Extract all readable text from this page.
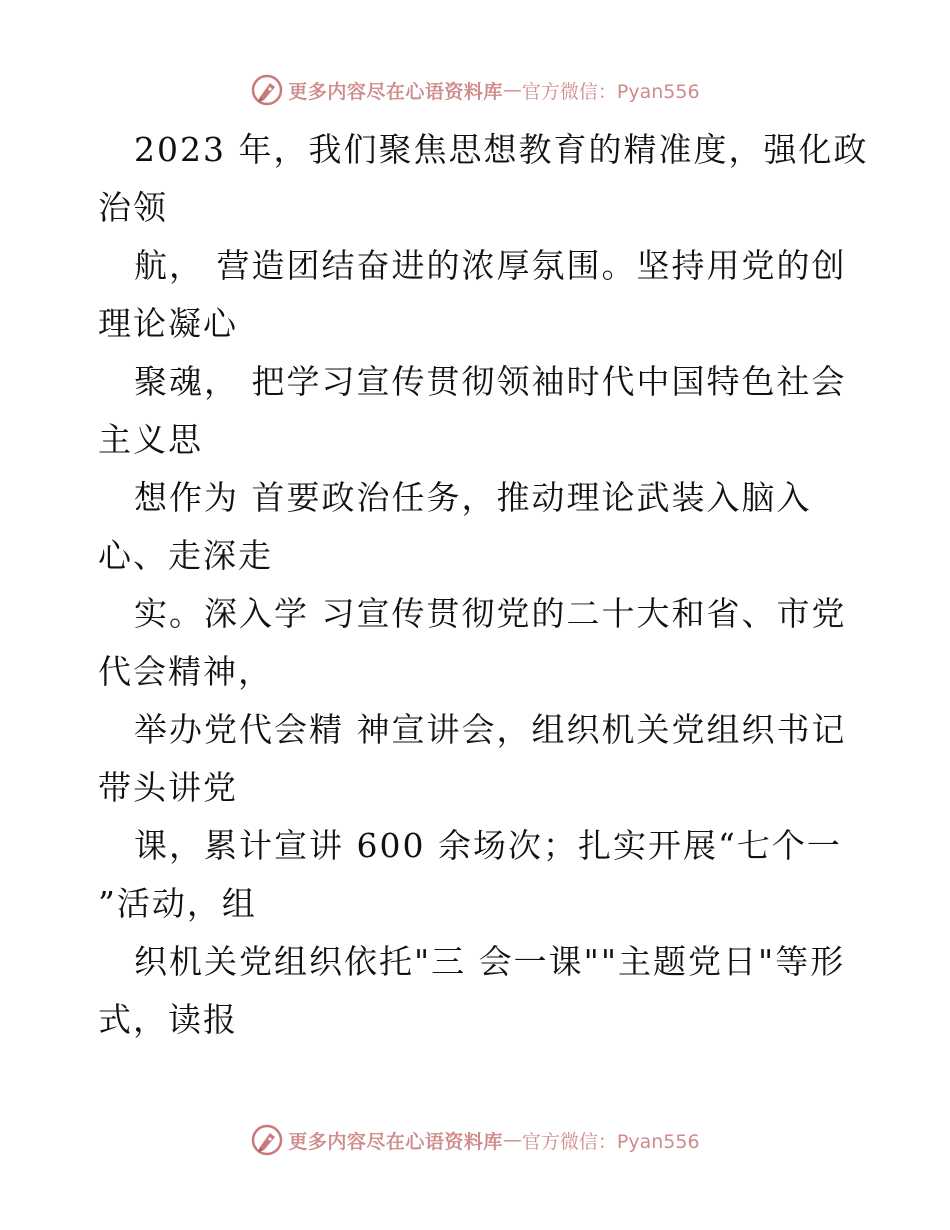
更多内容尽在心语资料库 — 官方微信：Pyan556
2023 年，我们聚焦思想教育的精准度，强化政
治领
航， 营造团结奋进的浓厚氛围。坚持用党的创
理论凝心
聚魂， 把学习宣传贯彻领袖时代中国特色社会
主义思
想作为 首要政治任务，推动理论武装入脑入
心、走深走
实。深入学 习宣传贯彻党的二十大和省、市党
代会精神，
举办党代会精 神宣讲会，组织机关党组织书记
带头讲党
课，累计宣讲 600 余场次；扎实开展“七个一
”活动，组
织机关党组织依托"三 会一课""主题党日"等形
式，读报
更多内容尽在心语资料库 — 官方微信：Pyan556
